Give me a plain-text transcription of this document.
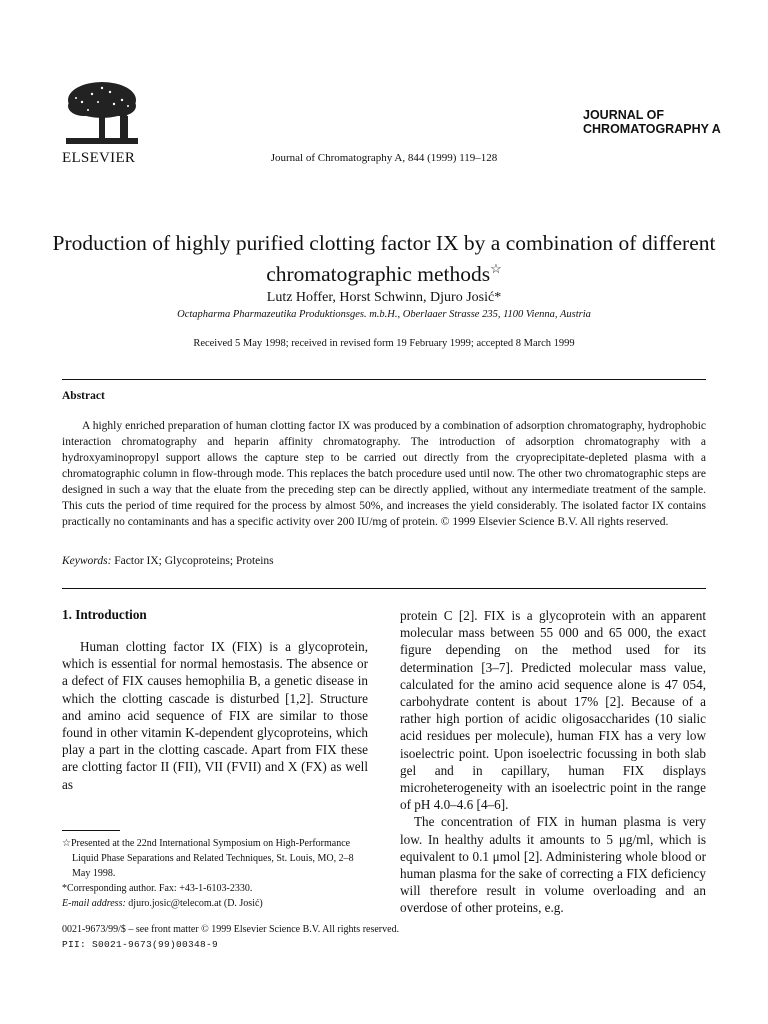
ELSEVIER	Journal of Chromatography A, 844 (1999) 119–128
JOURNAL OF
CHROMATOGRAPHY A
Production of highly purified clotting factor IX by a combination of different chromatographic methods☆
Lutz Hoffer, Horst Schwinn, Djuro Josić*
Octapharma Pharmazeutika Produktionsges. m.b.H., Oberlaaer Strasse 235, 1100 Vienna, Austria
Received 5 May 1998; received in revised form 19 February 1999; accepted 8 March 1999
Abstract
A highly enriched preparation of human clotting factor IX was produced by a combination of adsorption chromatography, hydrophobic interaction chromatography and heparin affinity chromatography. The introduction of adsorption chromatography with a hydroxyaminopropyl support allows the capture step to be carried out directly from the cryoprecipitate-depleted plasma with a chromatographic column in flow-through mode. This replaces the batch procedure used until now. The other two chromatographic steps are designed in such a way that the eluate from the preceding step can be directly applied, without any intermediate treatment of the sample. This cuts the period of time required for the process by almost 50%, and increases the yield considerably. The isolated factor IX contains practically no contaminants and has a specific activity over 200 IU/mg of protein. © 1999 Elsevier Science B.V. All rights reserved.
Keywords: Factor IX; Glycoproteins; Proteins
1. Introduction
Human clotting factor IX (FIX) is a glycoprotein, which is essential for normal hemostasis. The absence or a defect of FIX causes hemophilia B, a genetic disease in which the clotting cascade is disturbed [1,2]. Structure and amino acid sequence of FIX are similar to those found in other vitamin K-dependent glycoproteins, which play a part in the clotting cascade. Apart from FIX these are clotting factor II (FII), VII (FVII) and X (FX) as well as

protein C [2]. FIX is a glycoprotein with an apparent molecular mass between 55 000 and 65 000, the exact figure depending on the method used for its determination [3–7]. Predicted molecular mass value, calculated for the amino acid sequence alone is 47 054, carbohydrate content is about 17% [2]. Because of a rather high portion of acidic oligosaccharides (10 sialic acid residues per molecule), human FIX has a very low isoelectric point. Upon isoelectric focussing in both slab gel and in capillary, human FIX displays microheterogeneity with an isoelectric point in the range of pH 4.0–4.6 [4–6].

The concentration of FIX in human plasma is very low. In healthy adults it amounts to 5 μg/ml, which is equivalent to 0.1 μmol [2]. Administering whole blood or human plasma for the sake of correcting a FIX deficiency will therefore result in volume overloading and an overdose of other proteins, e.g.

☆Presented at the 22nd International Symposium on High-Performance Liquid Phase Separations and Related Techniques, St. Louis, MO, 2–8 May 1998.
*Corresponding author. Fax: +43-1-6103-2330.
E-mail address: djuro.josic@telecom.at (D. Josić)
0021-9673/99/$ – see front matter © 1999 Elsevier Science B.V. All rights reserved.
PII: S0021-9673(99)00348-9
